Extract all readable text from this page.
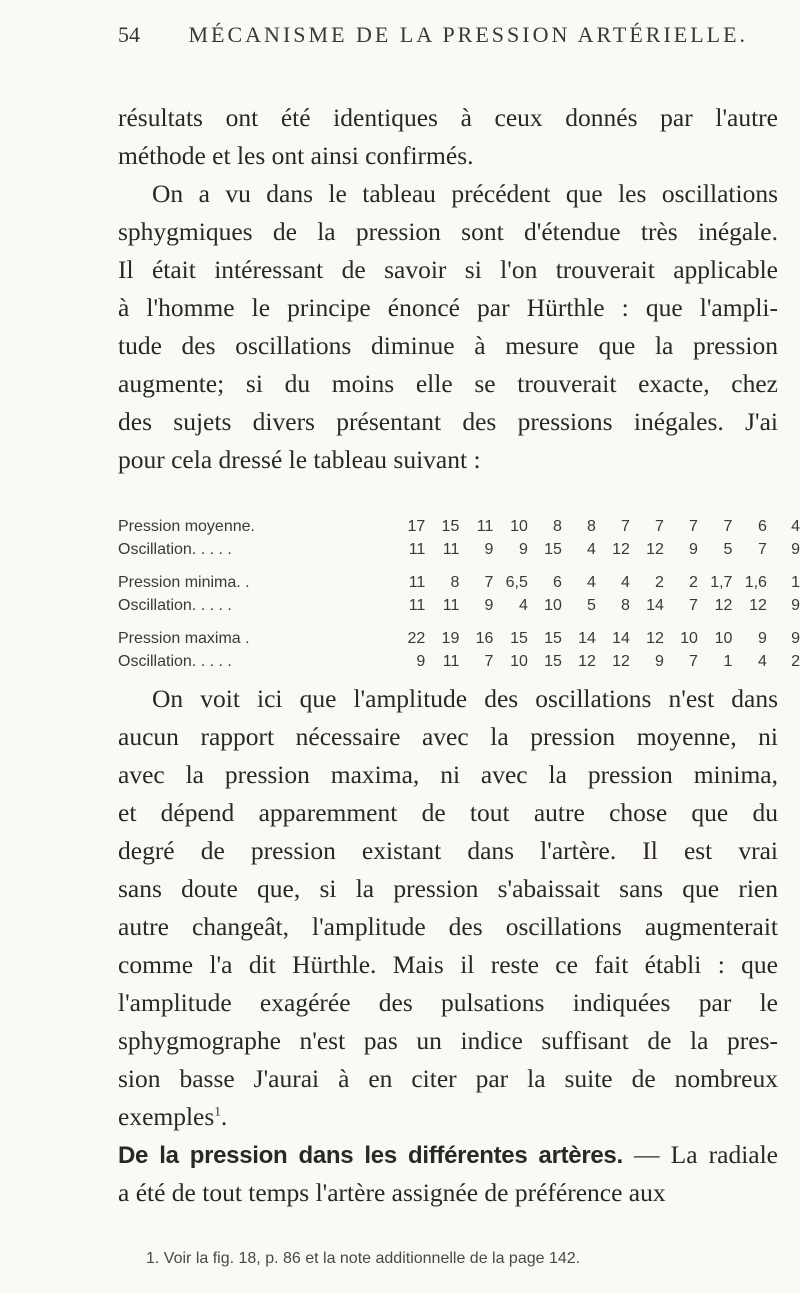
54 MÉCANISME DE LA PRESSION ARTÉRIELLE.
résultats ont été identiques à ceux donnés par l'autre
méthode et les ont ainsi confirmés.
On a vu dans le tableau précédent que les oscillations
sphygmiques de la pression sont d'étendue très inégale.
Il était intéressant de savoir si l'on trouverait applicable
à l'homme le principe énoncé par Hürthle : que l'ampli-
tude des oscillations diminue à mesure que la pression
augmente; si du moins elle se trouverait exacte, chez
des sujets divers présentant des pressions inégales. J'ai
pour cela dressé le tableau suivant :
Pression moyenne.	17	15	11	10	8	8	7	7	7	7	6	4
Oscillation. . . . .	11	11	9	9	15	4	12	12	9	5	7	9

Pression minima. .	11	8	7	6,5	6	4	4	2	2	1,7	1,6	1
Oscillation. . . . .	11	11	9	4	10	5	8	14	7	12	12	9

Pression maxima .	22	19	16	15	15	14	14	12	10	10	9	9
Oscillation. . . . .	9	11	7	10	15	12	12	9	7	1	4	2
On voit ici que l'amplitude des oscillations n'est dans
aucun rapport nécessaire avec la pression moyenne, ni
avec la pression maxima, ni avec la pression minima,
et dépend apparemment de tout autre chose que du
degré de pression existant dans l'artère. Il est vrai
sans doute que, si la pression s'abaissait sans que rien
autre changeât, l'amplitude des oscillations augmenterait
comme l'a dit Hürthle. Mais il reste ce fait établi : que
l'amplitude exagérée des pulsations indiquées par le
sphygmographe n'est pas un indice suffisant de la pres-
sion basse J'aurai à en citer par la suite de nombreux
exemples$^1$.
De la pression dans les différentes artères. — La radiale
a été de tout temps l'artère assignée de préférence aux
1. Voir la fig. 18, p. 86 et la note additionnelle de la page 142.
